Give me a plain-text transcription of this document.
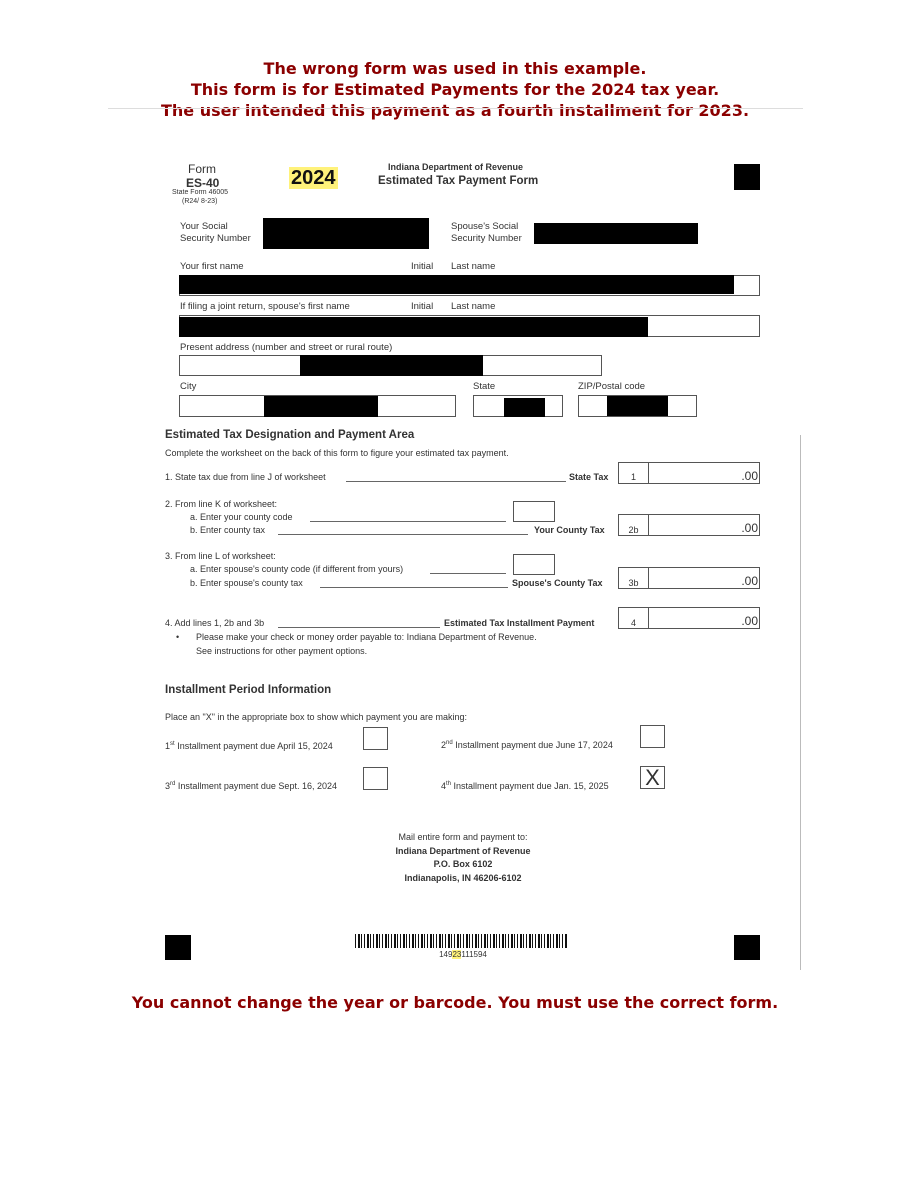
The wrong form was used in this example.
This form is for Estimated Payments for the 2024 tax year.
The user intended this payment as a fourth installment for 2023.
Form
ES-40
State Form 46005
(R24/ 8-23)
2024	Indiana Department of Revenue
Estimated Tax Payment Form
Your Social
Security Number
Spouse's Social
Security Number
Your first name	Initial Last name
If filing a joint return, spouse's first name	Initial Last name
Present address (number and street or rural route)
City	State	ZIP/Postal code
Estimated Tax Designation and Payment Area
Complete the worksheet on the back of this form to figure your estimated tax payment.
1. State tax due from line J of worksheet	State Tax	1	.00
2. From line K of worksheet:
a. Enter your county code
b. Enter county tax	Your County Tax	2b	.00
3. From line L of worksheet:
a. Enter spouse's county code (if different from yours)
b. Enter spouse's county tax	Spouse's County Tax	3b	.00
4. Add lines 1, 2b and 3b	Estimated Tax Installment Payment	4	.00
• Please make your check or money order payable to: Indiana Department of Revenue.
See instructions for other payment options.
Installment Period Information
Place an "X" in the appropriate box to show which payment you are making:
1st Installment payment due April 15, 2024	2nd Installment payment due June 17, 2024
3rd Installment payment due Sept. 16, 2024	4th Installment payment due Jan. 15, 2025 X
Mail entire form and payment to:
Indiana Department of Revenue
P.O. Box 6102
Indianapolis, IN 46206-6102
14923111594
You cannot change the year or barcode. You must use the correct form.
